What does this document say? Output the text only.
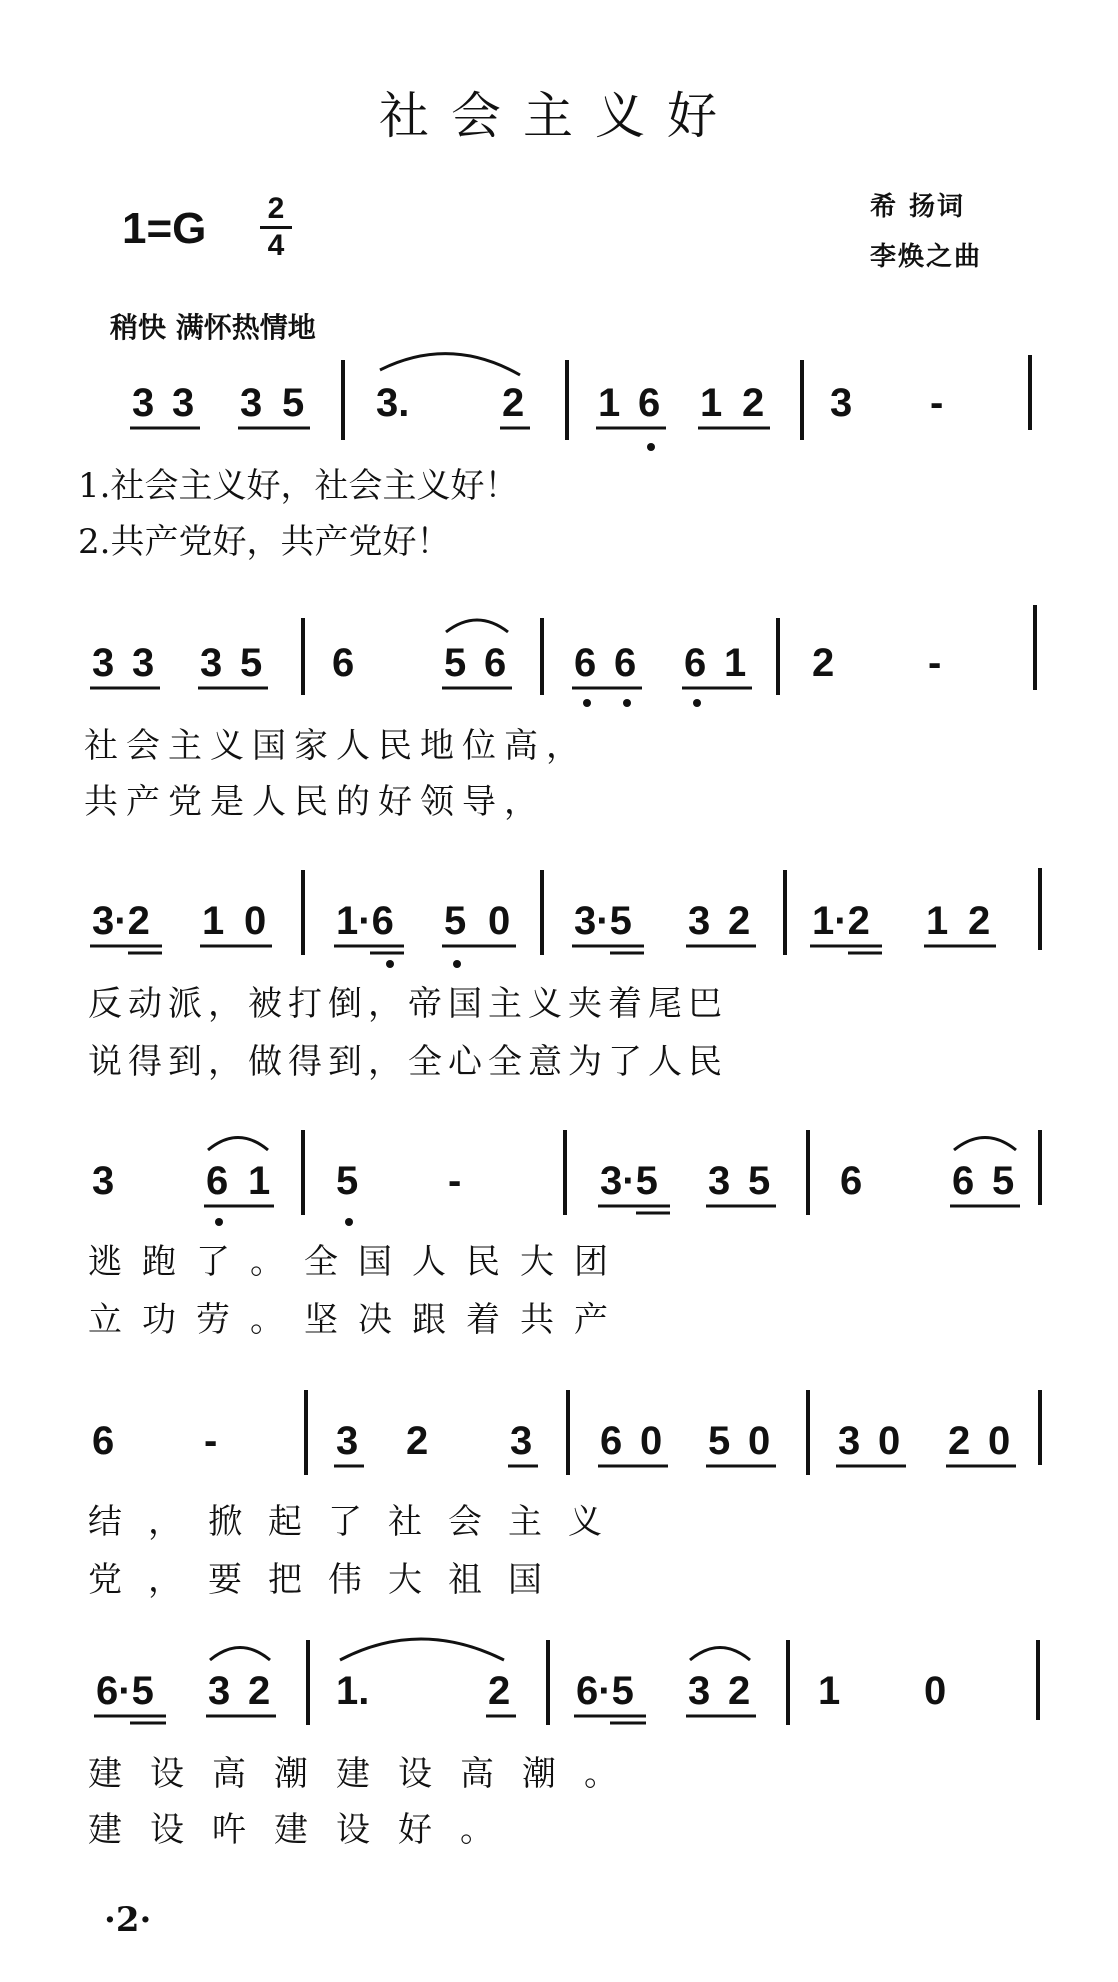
社会主义好
1=G 2
4
希 扬词
李焕之曲
稍快 满怀热情地
3 3 3 5 3. 2 1 6 1 2 3 -
3 3 3 5 6 5 6 6 6 6 1 2 -
3·2 1 0 1·6 5 0 3·5 3 2 1·2 1 2
3 6 1 5 -	3·5 3 5 6 6 5
6 -	3 2 3 6 0 5 0 3 0 2 0
6·5 3 2 1.	2 6·5 3 2 1 0
1.社会主义好，社会主义好！
2.共产党好，共产党好！
社会主义国家人民地位高，
共产党是人民的好领导，
反动派，被打倒，帝国主义夹着尾巴
说得到，做得到，全心全意为了人民
逃跑了。全国人民大团
立功劳。坚决跟着共产
结，掀起了社会主义
党，要把伟大祖国
建设高潮建设高潮。
建设吘建设好。
·2·
